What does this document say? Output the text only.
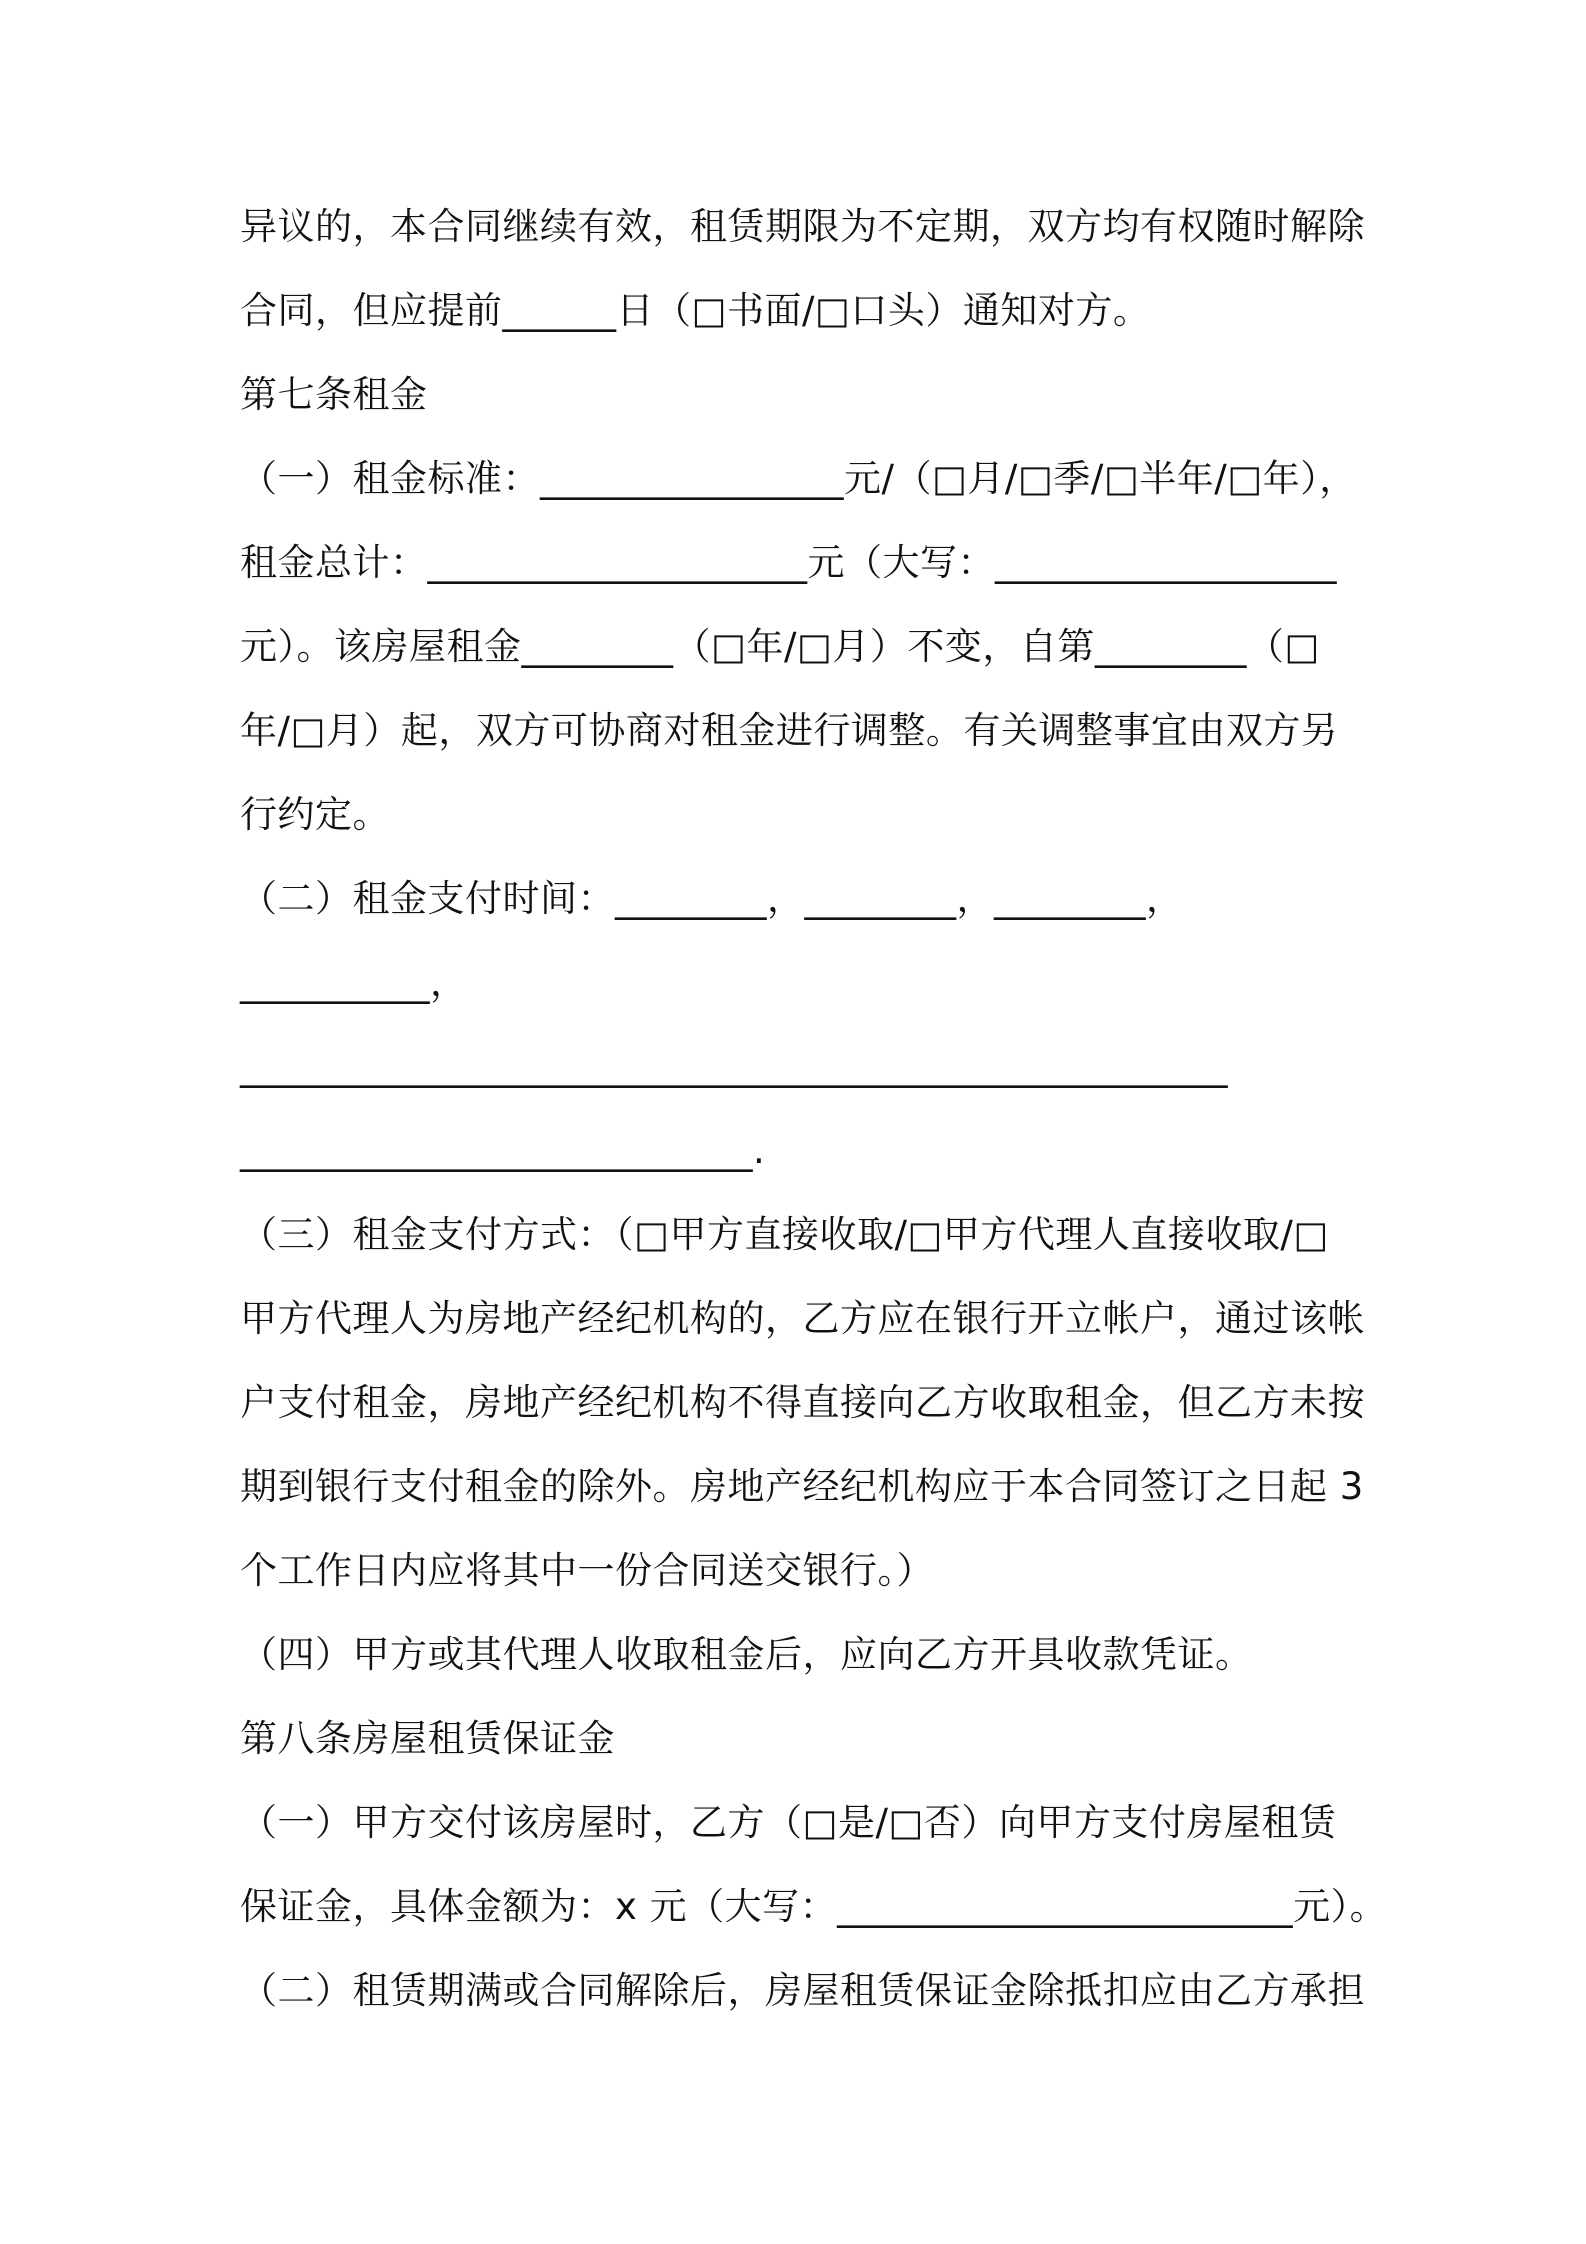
异议的，本合同继续有效，租赁期限为不定期，双方均有权随时解除
合同，但应提前______日（□书面/□口头）通知对方。
第七条租金
（一）租金标准：________________元/（□月/□季/□半年/□年），
租金总计：____________________元（大写：__________________
元）。该房屋租金________（□年/□月）不变，自第________（□
年/□月）起，双方可协商对租金进行调整。有关调整事宜由双方另
行约定。
（二）租金支付时间：________，________，________，
__________，
____________________________________________________
___________________________.
（三）租金支付方式：（□甲方直接收取/□甲方代理人直接收取/□
甲方代理人为房地产经纪机构的，乙方应在银行开立帐户，通过该帐
户支付租金，房地产经纪机构不得直接向乙方收取租金，但乙方未按
期到银行支付租金的除外。房地产经纪机构应于本合同签订之日起 3
个工作日内应将其中一份合同送交银行。）
（四）甲方或其代理人收取租金后，应向乙方开具收款凭证。
第八条房屋租赁保证金
（一）甲方交付该房屋时，乙方（□是/□否）向甲方支付房屋租赁
保证金，具体金额为：x 元（大写：________________________元）。
（二）租赁期满或合同解除后，房屋租赁保证金除抵扣应由乙方承担
